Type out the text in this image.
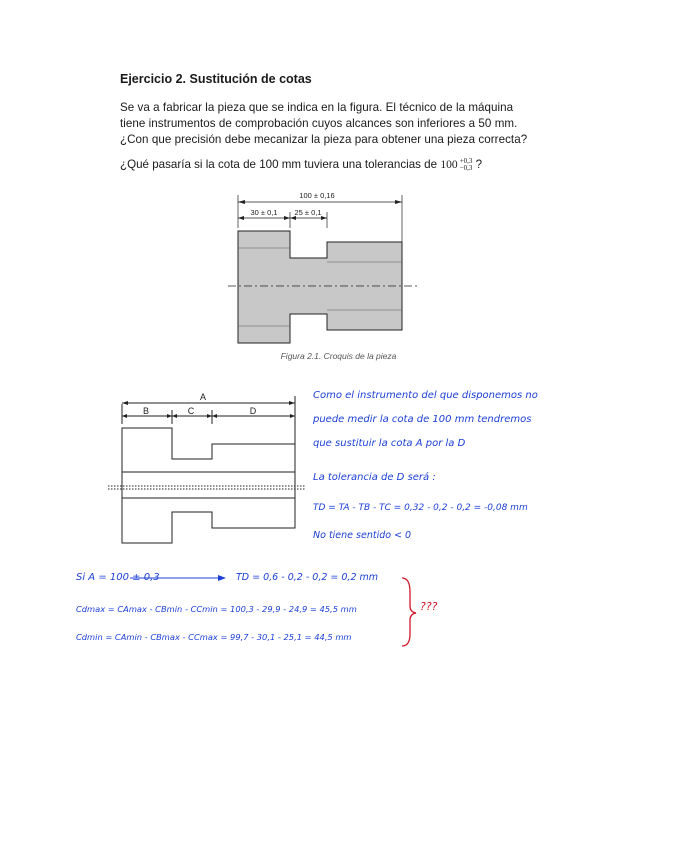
Ejercicio 2. Sustitución de cotas
Se va a fabricar la pieza que se indica en la figura. El técnico de la máquina
tiene instrumentos de comprobación cuyos alcances son inferiores a 50 mm.
¿Con que precisión debe mecanizar la pieza para obtener una pieza correcta?
¿Qué pasaría si la cota de 100 mm tuviera una tolerancias de 100 +0,3
−0,3 ?
100 ± 0,16
30 ± 0,1 25 ± 0,1
Figura 2.1. Croquis de la pieza
A
B	C	D
Como el instrumento del que disponemos no
puede medir la cota de 100 mm tendremos
que sustituir la cota A por la D
La tolerancia de D será :
TD = TA - TB - TC = 0,32 - 0,2 - 0,2 = -0,08 mm
No tiene sentido < 0
Si A = 100 ± 0,3	TD = 0,6 - 0,2 - 0,2 = 0,2 mm
Cdmax = CAmax - CBmin - CCmin = 100,3 - 29,9 - 24,9 = 45,5 mm
Cdmin = CAmin - CBmax - CCmax = 99,7 - 30,1 - 25,1 = 44,5 mm
???
